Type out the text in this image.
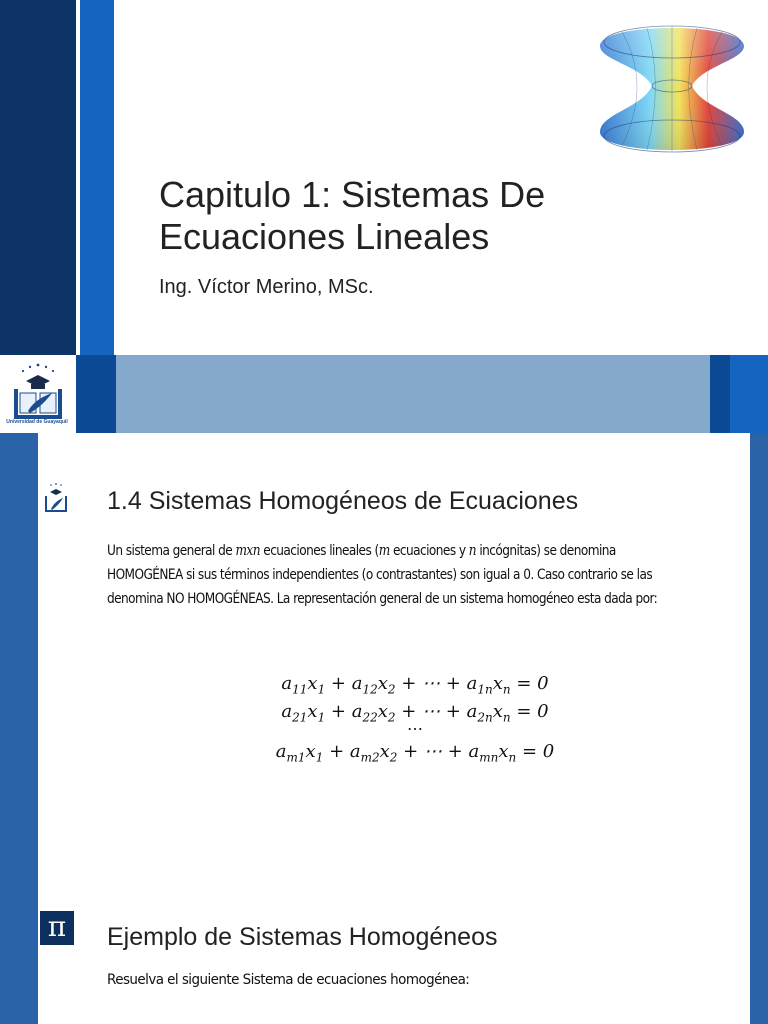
Capitulo 1: Sistemas De
Ecuaciones Lineales
Ing. Víctor Merino, MSc.
Universidad de Guayaquil
1.4 Sistemas Homogéneos de Ecuaciones
Un sistema general de mxn ecuaciones lineales (m ecuaciones y n incógnitas) se denomina HOMOGÉNEA si sus términos independientes (o contrastantes) son igual a 0. Caso contrario se las denomina NO HOMOGÉNEAS. La representación general de un sistema homogéneo esta dada por:
$a_{11}x_1 + a_{12}x_2$ + ⋯ + $a_{1n}x_n = 0$
$a_{21}x_1 + a_{22}x_2$ + ⋯ + $a_{2n}x_n = 0$
⋯
$a_{m1}x_1 + a_{m2}x_2$ + ⋯ + $a_{mn}x_n = 0$
π	Ejemplo de Sistemas Homogéneos
Resuelva el siguiente Sistema de ecuaciones homogénea:
